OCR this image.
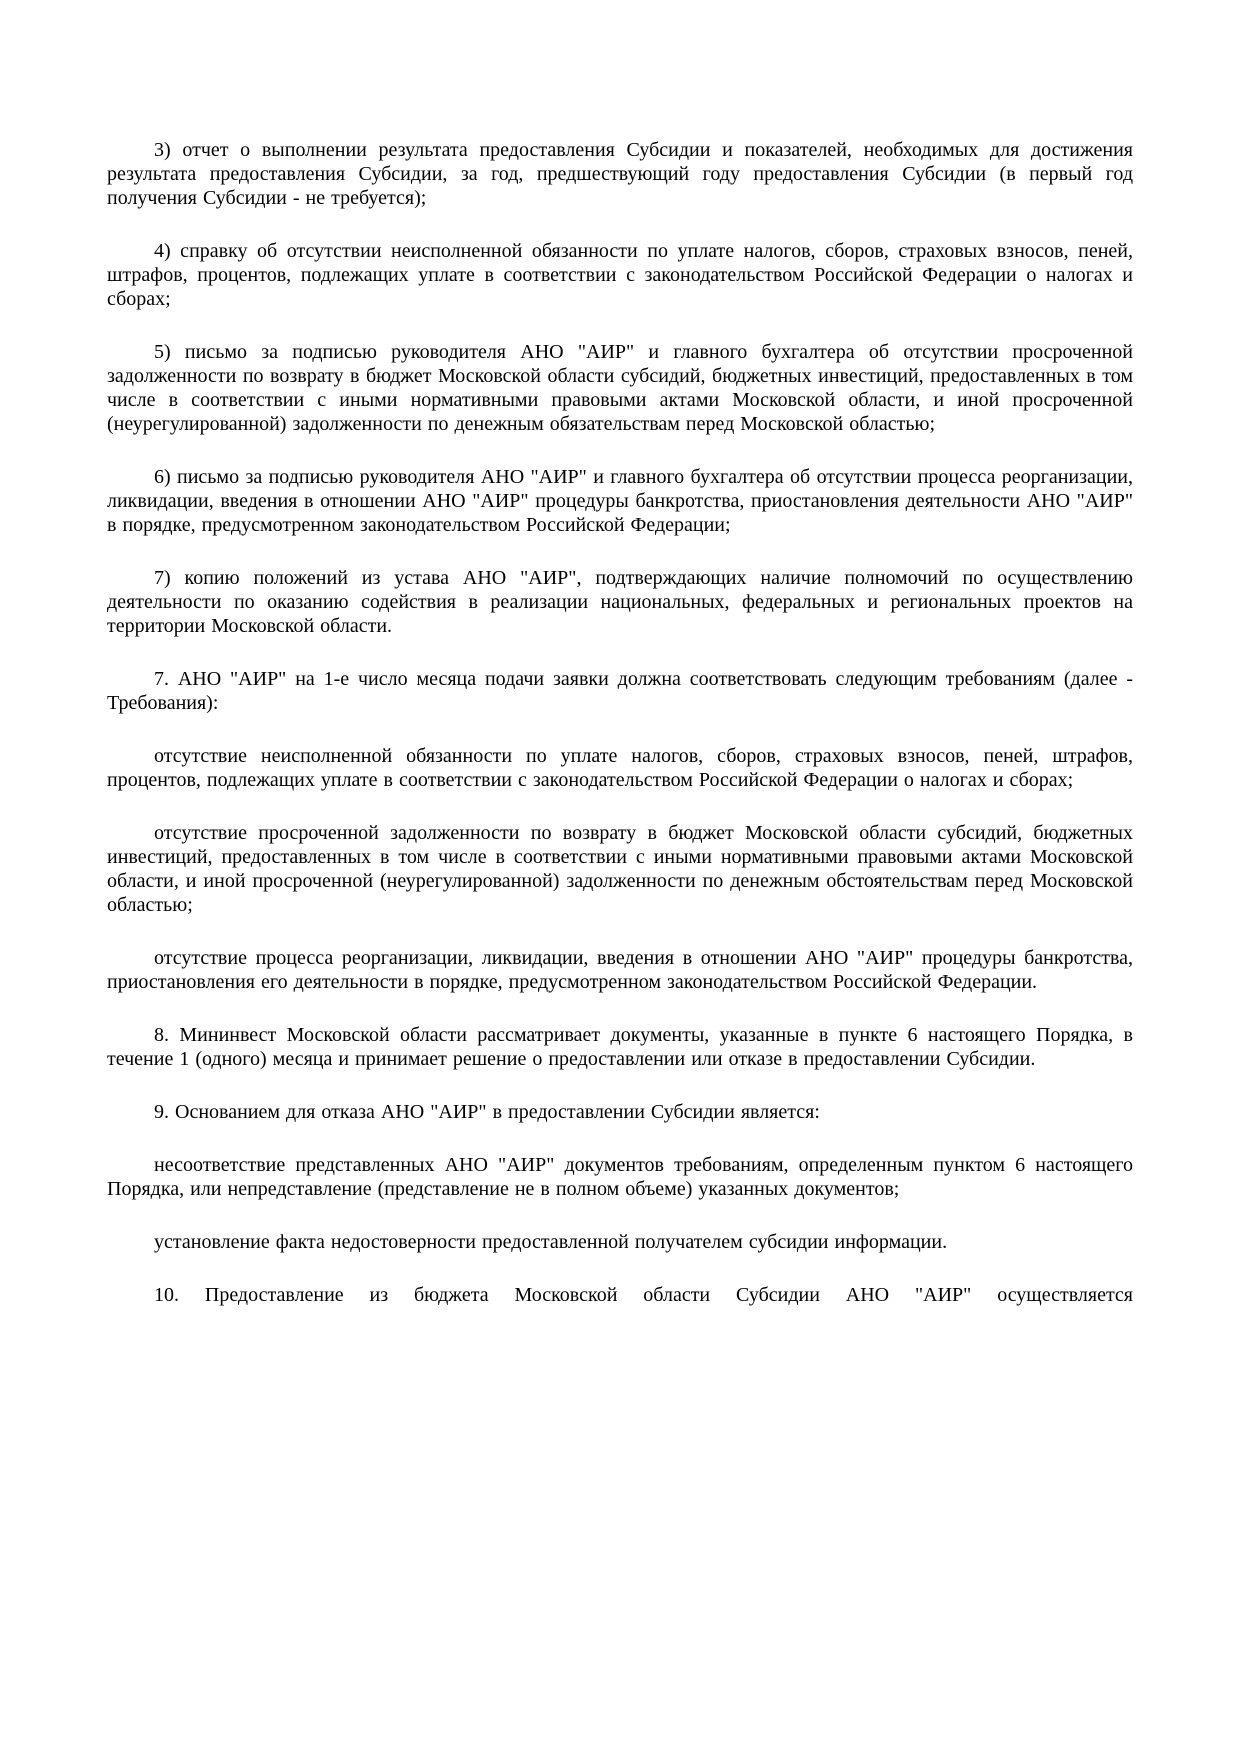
3) отчет о выполнении результата предоставления Субсидии и показателей, необходимых для достижения результата предоставления Субсидии, за год, предшествующий году предоставления Субсидии (в первый год получения Субсидии - не требуется);

4) справку об отсутствии неисполненной обязанности по уплате налогов, сборов, страховых взносов, пеней, штрафов, процентов, подлежащих уплате в соответствии с законодательством Российской Федерации о налогах и сборах;

5) письмо за подписью руководителя АНО "АИР" и главного бухгалтера об отсутствии просроченной задолженности по возврату в бюджет Московской области субсидий, бюджетных инвестиций, предоставленных в том числе в соответствии с иными нормативными правовыми актами Московской области, и иной просроченной (неурегулированной) задолженности по денежным обязательствам перед Московской областью;

6) письмо за подписью руководителя АНО "АИР" и главного бухгалтера об отсутствии процесса реорганизации, ликвидации, введения в отношении АНО "АИР" процедуры банкротства, приостановления деятельности АНО "АИР" в порядке, предусмотренном законодательством Российской Федерации;

7) копию положений из устава АНО "АИР", подтверждающих наличие полномочий по осуществлению деятельности по оказанию содействия в реализации национальных, федеральных и региональных проектов на территории Московской области.

7. АНО "АИР" на 1-е число месяца подачи заявки должна соответствовать следующим требованиям (далее - Требования):

отсутствие неисполненной обязанности по уплате налогов, сборов, страховых взносов, пеней, штрафов, процентов, подлежащих уплате в соответствии с законодательством Российской Федерации о налогах и сборах;

отсутствие просроченной задолженности по возврату в бюджет Московской области субсидий, бюджетных инвестиций, предоставленных в том числе в соответствии с иными нормативными правовыми актами Московской области, и иной просроченной (неурегулированной) задолженности по денежным обстоятельствам перед Московской областью;

отсутствие процесса реорганизации, ликвидации, введения в отношении АНО "АИР" процедуры банкротства, приостановления его деятельности в порядке, предусмотренном законодательством Российской Федерации.

8. Мининвест Московской области рассматривает документы, указанные в пункте 6 настоящего Порядка, в течение 1 (одного) месяца и принимает решение о предоставлении или отказе в предоставлении Субсидии.

9. Основанием для отказа АНО "АИР" в предоставлении Субсидии является:

несоответствие представленных АНО "АИР" документов требованиям, определенным пунктом 6 настоящего Порядка, или непредставление (представление не в полном объеме) указанных документов;

установление факта недостоверности предоставленной получателем субсидии информации.

10. Предоставление из бюджета Московской области Субсидии АНО "АИР" осуществляется
